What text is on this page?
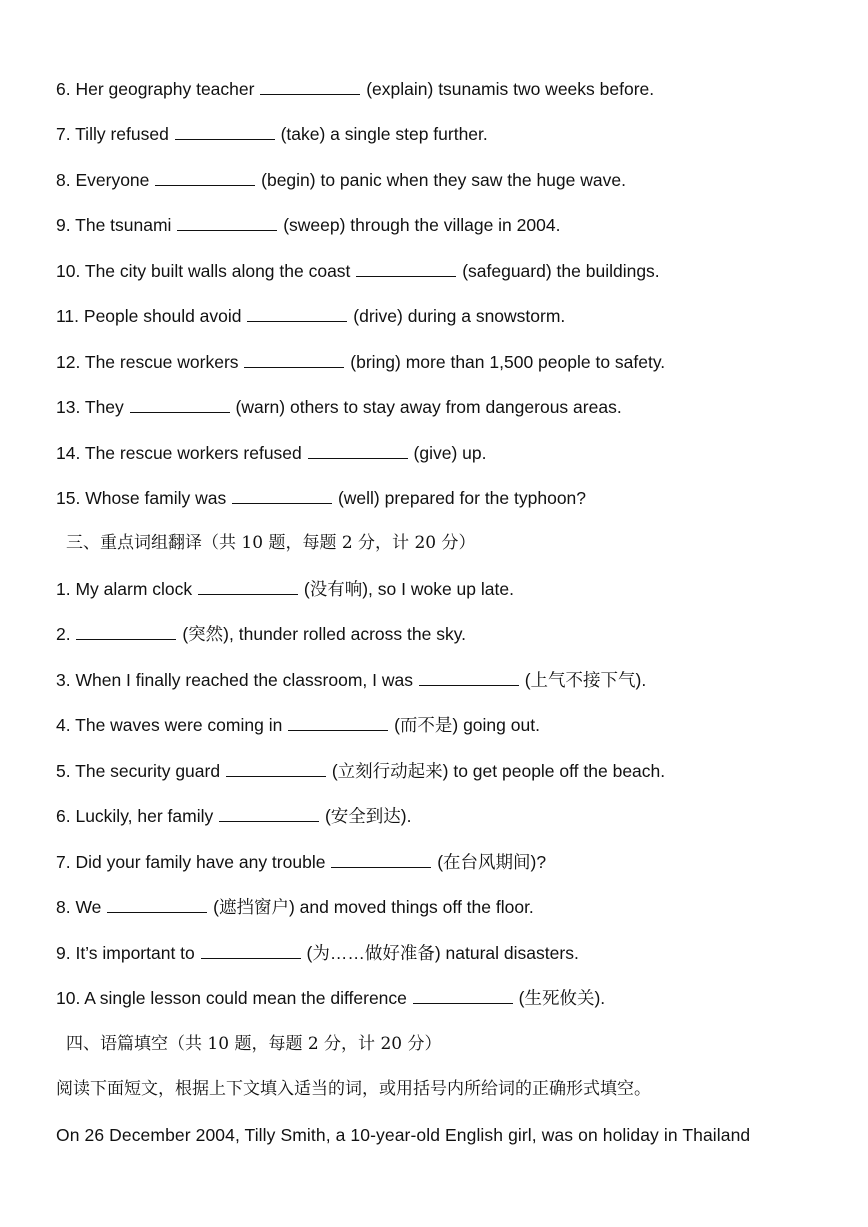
6. Her geography teacher	(explain) tsunamis two weeks before.
7. Tilly refused	(take) a single step further.
8. Everyone	(begin) to panic when they saw the huge wave.
9. The tsunami	(sweep) through the village in 2004.
10. The city built walls along the coast	(safeguard) the buildings.
11. People should avoid	(drive) during a snowstorm.
12. The rescue workers	(bring) more than 1,500 people to safety.
13. They	(warn) others to stay away from dangerous areas.
14. The rescue workers refused	(give) up.
15. Whose family was	(well) prepared for the typhoon?
三、重点词组翻译（共 10 题，每题 2 分，计 20 分）
1. My alarm clock	(没有响), so I woke up late.
2.	(突然), thunder rolled across the sky.
3. When I finally reached the classroom, I was	(上气不接下气).
4. The waves were coming in	(而不是) going out.
5. The security guard	(立刻行动起来) to get people off the beach.
6. Luckily, her family	(安全到达).
7. Did your family have any trouble	(在台风期间)?
8. We	(遮挡窗户) and moved things off the floor.
9. It’s important to	(为……做好准备) natural disasters.
10. A single lesson could mean the difference	(生死攸关).
四、语篇填空（共 10 题，每题 2 分，计 20 分）
阅读下面短文，根据上下文填入适当的词，或用括号内所给词的正确形式填空。
On 26 December 2004, Tilly Smith, a 10-year-old English girl, was on holiday in Thailand
